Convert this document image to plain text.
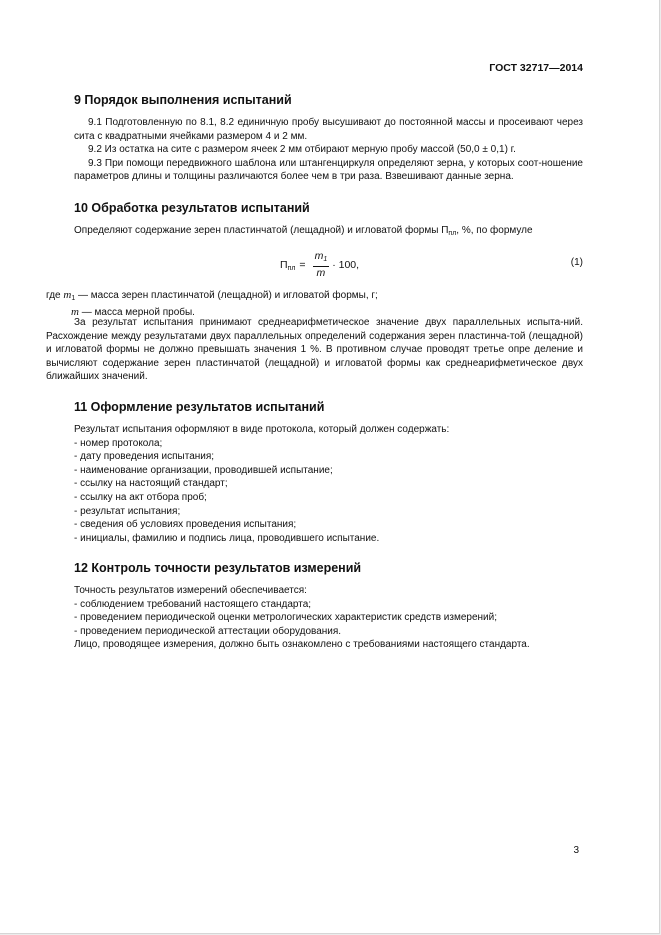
ГОСТ 32717—2014
9 Порядок выполнения испытаний

9.1 Подготовленную по 8.1, 8.2 единичную пробу высушивают до постоянной массы и просеивают через сита с квадратными ячейками размером 4 и 2 мм.

9.2 Из остатка на сите с размером ячеек 2 мм отбирают мерную пробу массой (50,0 ± 0,1) г.

9.3 При помощи передвижного шаблона или штангенциркуля определяют зерна, у которых соот-ношение параметров длины и толщины различаются более чем в три раза. Взвешивают данные зерна.

10 Обработка результатов испытаний

Определяют содержание зерен пластинчатой (лещадной) и игловатой формы $П_{пл}$, %, по формуле

$П_{пл} = \frac{m_1}{m} \cdot 100$,	(1)
где $m_1$ — масса зерен пластинчатой (лещадной) и игловатой формы, г;
m — масса мерной пробы.

За результат испытания принимают среднеарифметическое значение двух параллельных испыта-ний. Расхождение между результатами двух параллельных определений содержания зерен пластинча-той (лещадной) и игловатой формы не должно превышать значения 1 %. В противном случае проводят третье опре деление и вычисляют содержание зерен пластинчатой (лещадной) и игловатой формы как среднеарифметическое двух ближайших значений.

11 Оформление результатов испытаний
Результат испытания оформляют в виде протокола, который должен содержать:
- номер протокола;
- дату проведения испытания;
- наименование организации, проводившей испытание;
- ссылку на настоящий стандарт;
- ссылку на акт отбора проб;
- результат испытания;
- сведения об условиях проведения испытания;
- инициалы, фамилию и подпись лица, проводившего испытание.
12 Контроль точности результатов измерений
Точность результатов измерений обеспечивается:
- соблюдением требований настоящего стандарта;
- проведением периодической оценки метрологических характеристик средств измерений;
- проведением периодической аттестации оборудования.
Лицо, проводящее измерения, должно быть ознакомлено с требованиями настоящего стандарта.
3
